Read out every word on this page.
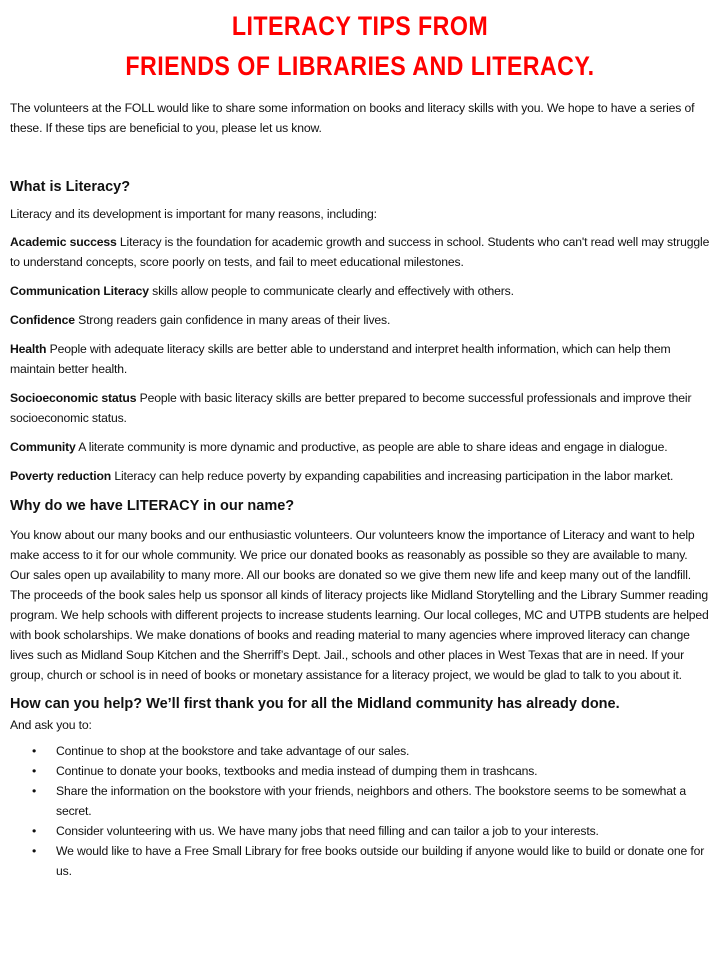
LITERACY TIPS FROM
FRIENDS OF LIBRARIES AND LITERACY.

The volunteers at the FOLL would like to share some information on books and literacy skills with you. We hope to have a series of these. If these tips are beneficial to you, please let us know.

What is Literacy?

Literacy and its development is important for many reasons, including:

Academic success Literacy is the foundation for academic growth and success in school. Students who can't read well may struggle to understand concepts, score poorly on tests, and fail to meet educational milestones.

Communication Literacy skills allow people to communicate clearly and effectively with others.

Confidence Strong readers gain confidence in many areas of their lives.

Health People with adequate literacy skills are better able to understand and interpret health information, which can help them maintain better health.

Socioeconomic status People with basic literacy skills are better prepared to become successful professionals and improve their socioeconomic status.

Community A literate community is more dynamic and productive, as people are able to share ideas and engage in dialogue.

Poverty reduction Literacy can help reduce poverty by expanding capabilities and increasing participation in the labor market.

Why do we have LITERACY in our name?

You know about our many books and our enthusiastic volunteers. Our volunteers know the importance of Literacy and want to help make access to it for our whole community. We price our donated books as reasonably as possible so they are available to many. Our sales open up availability to many more. All our books are donated so we give them new life and keep many out of the landfill. The proceeds of the book sales help us sponsor all kinds of literacy projects like Midland Storytelling and the Library Summer reading program. We help schools with different projects to increase students learning. Our local colleges, MC and UTPB students are helped with book scholarships. We make donations of books and reading material to many agencies where improved literacy can change lives such as Midland Soup Kitchen and the Sherriff’s Dept. Jail., schools and other places in West Texas that are in need. If your group, church or school is in need of books or monetary assistance for a literacy project, we would be glad to talk to you about it.

How can you help? We’ll first thank you for all the Midland community has already done.

And ask you to:

• Continue to shop at the bookstore and take advantage of our sales.
• Continue to donate your books, textbooks and media instead of dumping them in trashcans.
• Share the information on the bookstore with your friends, neighbors and others. The bookstore seems to be somewhat a secret.
• Consider volunteering with us. We have many jobs that need filling and can tailor a job to your interests.
• We would like to have a Free Small Library for free books outside our building if anyone would like to build or donate one for us.
